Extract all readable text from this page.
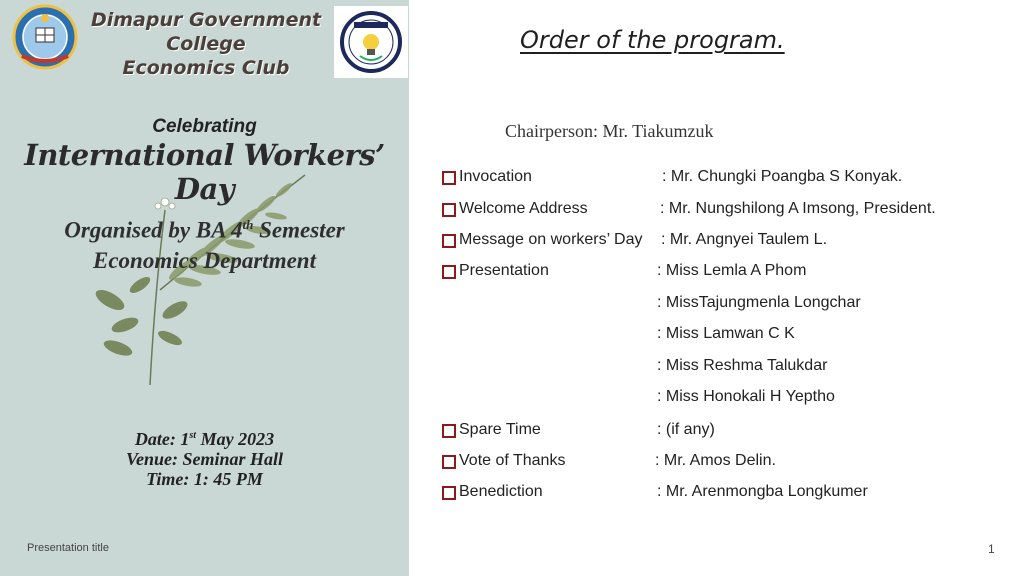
Dimapur Government College
Economics Club
Celebrating
International Workers’ Day
Organised by BA 4th Semester
Economics Department
Date: 1st May 2023
Venue: Seminar Hall
Time: 1: 45 PM
Presentation title
Order of the program.
Chairperson: Mr. Tiakumzuk
Invocation	: Mr. Chungki Poangba S Konyak.
Welcome Address	: Mr. Nungshilong A Imsong, President.
Message on workers’ Day : Mr. Angnyei Taulem L.
Presentation	: Miss Lemla A Phom
: MissTajungmenla Longchar
: Miss Lamwan C K
: Miss Reshma Talukdar
: Miss Honokali H Yeptho
Spare Time	: (if any)
Vote of Thanks	: Mr. Amos Delin.
Benediction	: Mr. Arenmongba Longkumer
1
